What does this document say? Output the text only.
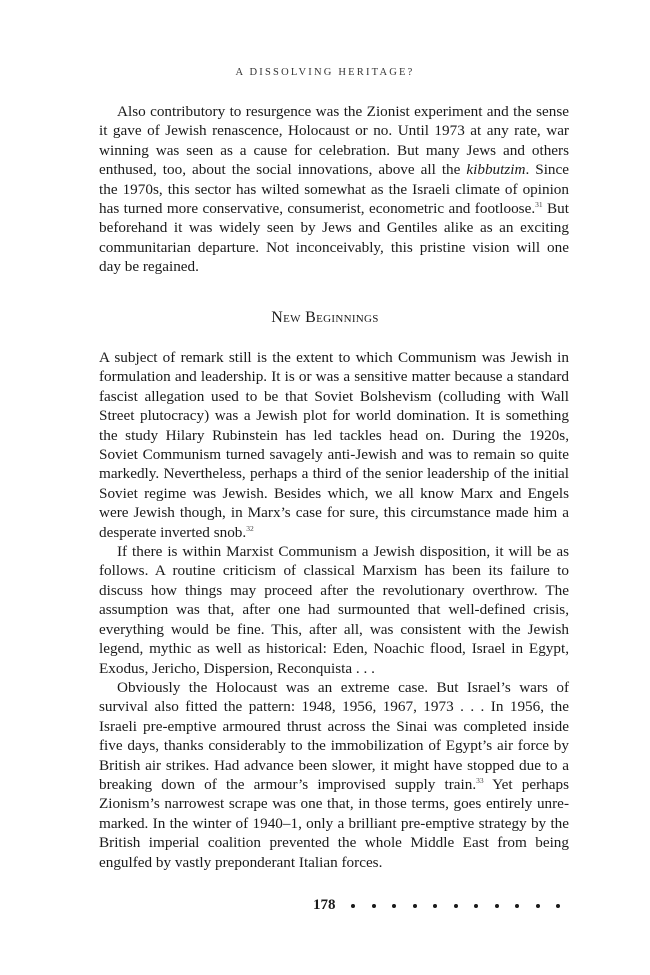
A DISSOLVING HERITAGE?

Also contributory to resurgence was the Zionist experiment and the sense it gave of Jewish renascence, Holocaust or no. Until 1973 at any rate, war winning was seen as a cause for celebration. But many Jews and others enthused, too, about the social innovations, above all the kibbutzim. Since the 1970s, this sector has wilted somewhat as the Israeli climate of opinion has turned more conservative, consumerist, econometric and footloose.$^{31}$ But beforehand it was widely seen by Jews and Gentiles alike as an exciting communitarian departure. Not inconceivably, this pristine vision will one day be regained.

New Beginnings

A subject of remark still is the extent to which Communism was Jewish in formulation and leadership. It is or was a sensitive matter because a standard fascist allegation used to be that Soviet Bolshevism (colluding with Wall Street plutocracy) was a Jewish plot for world domination. It is something the study Hilary Rubinstein has led tackles head on. During the 1920s, Soviet Communism turned savagely anti-Jewish and was to remain so quite markedly. Nevertheless, perhaps a third of the senior leadership of the initial Soviet regime was Jewish. Besides which, we all know Marx and Engels were Jewish though, in Marx’s case for sure, this circumstance made him a desperate inverted snob.$^{32}$

If there is within Marxist Communism a Jewish disposition, it will be as follows. A routine criticism of classical Marxism has been its failure to discuss how things may proceed after the revolutionary overthrow. The assumption was that, after one had surmounted that well-defined crisis, everything would be fine. This, after all, was consistent with the Jewish legend, mythic as well as historical: Eden, Noachic flood, Israel in Egypt, Exodus, Jericho, Dispersion, Reconquista . . .

Obviously the Holocaust was an extreme case. But Israel’s wars of survival also fitted the pattern: 1948, 1956, 1967, 1973 . . . In 1956, the Israeli pre-emptive armoured thrust across the Sinai was completed inside five days, thanks considerably to the immobilization of Egypt’s air force by British air strikes. Had advance been slower, it might have stopped due to a breaking down of the armour’s improvised supply train.$^{33}$ Yet perhaps Zionism’s narrowest scrape was one that, in those terms, goes entirely unremarked. In the winter of 1940–1, only a brilliant pre-emptive strategy by the British imperial coalition prevented the whole Middle East from being engulfed by vastly preponderant Italian forces.

178
